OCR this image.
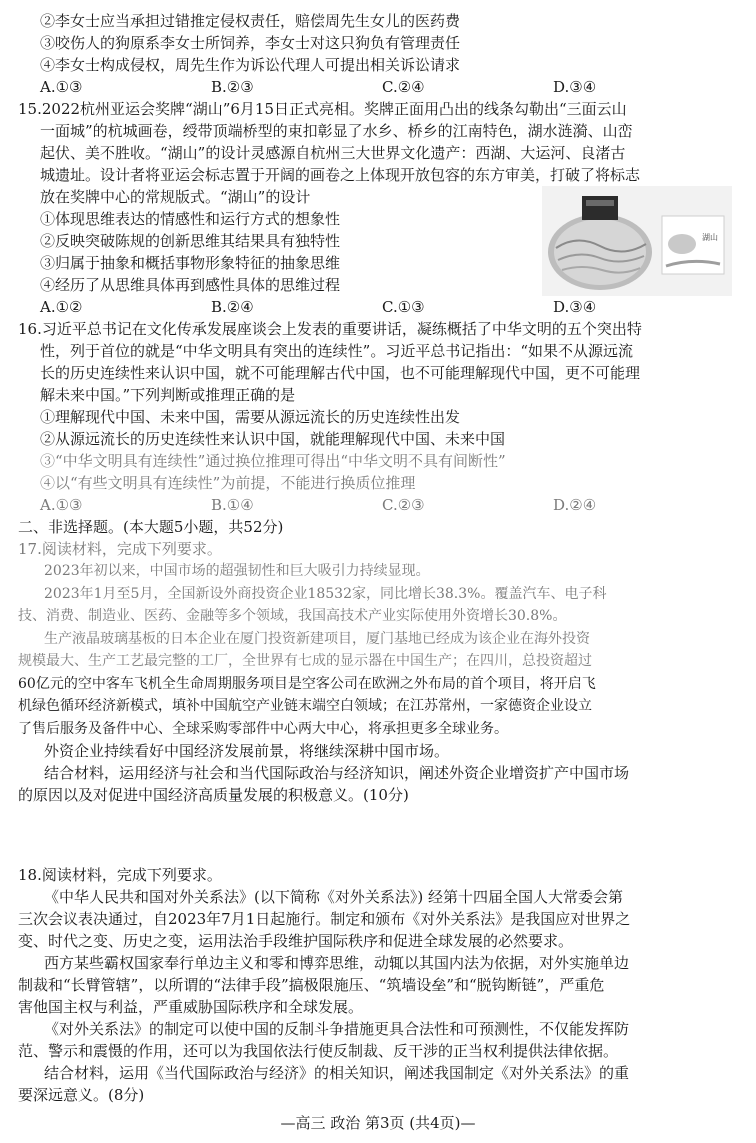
②李女士应当承担过错推定侵权责任，赔偿周先生女儿的医药费
③咬伤人的狗原系李女士所饲养，李女士对这只狗负有管理责任
④李女士构成侵权，周先生作为诉讼代理人可提出相关诉讼请求
A.①③	B.②③	C.②④	D.③④
15.2022杭州亚运会奖牌“湖山”6月15日正式亮相。奖牌正面用凸出的线条勾勒出“三面云山
一面城”的杭城画卷，绶带顶端桥型的束扣彰显了水乡、桥乡的江南特色，湖水涟漪、山峦
起伏、美不胜收。“湖山”的设计灵感源自杭州三大世界文化遗产：西湖、大运河、良渚古
城遗址。设计者将亚运会标志置于开阔的画卷之上体现开放包容的东方审美，打破了将标志
放在奖牌中心的常规版式。“湖山”的设计
①体现思维表达的情感性和运行方式的想象性
②反映突破陈规的创新思维其结果具有独特性
③归属于抽象和概括事物形象特征的抽象思维
④经历了从思维具体再到感性具体的思维过程
湖山
A.①②	B.②④	C.①③	D.③④
16.习近平总书记在文化传承发展座谈会上发表的重要讲话，凝练概括了中华文明的五个突出特
性，列于首位的就是“中华文明具有突出的连续性”。习近平总书记指出：“如果不从源远流
长的历史连续性来认识中国，就不可能理解古代中国，也不可能理解现代中国，更不可能理
解未来中国。”下列判断或推理正确的是
①理解现代中国、未来中国，需要从源远流长的历史连续性出发
②从源远流长的历史连续性来认识中国，就能理解现代中国、未来中国
③“中华文明具有连续性”通过换位推理可得出“中华文明不具有间断性”
④以“有些文明具有连续性”为前提，不能进行换质位推理
A.①③	B.①④	C.②③	D.②④
二、非选择题。(本大题5小题，共52分)
17.阅读材料，完成下列要求。
2023年初以来，中国市场的超强韧性和巨大吸引力持续显现。
2023年1月至5月，全国新设外商投资企业18532家，同比增长38.3%。覆盖汽车、电子科
技、消费、制造业、医药、金融等多个领域，我国高技术产业实际使用外资增长30.8%。
生产液晶玻璃基板的日本企业在厦门投资新建项目，厦门基地已经成为该企业在海外投资
规模最大、生产工艺最完整的工厂，全世界有七成的显示器在中国生产；在四川，总投资超过
60亿元的空中客车飞机全生命周期服务项目是空客公司在欧洲之外布局的首个项目，将开启飞
机绿色循环经济新模式，填补中国航空产业链末端空白领域；在江苏常州，一家德资企业设立
了售后服务及备件中心、全球采购零部件中心两大中心，将承担更多全球业务。
外资企业持续看好中国经济发展前景，将继续深耕中国市场。
结合材料，运用经济与社会和当代国际政治与经济知识，阐述外资企业增资扩产中国市场
的原因以及对促进中国经济高质量发展的积极意义。(10分)
18.阅读材料，完成下列要求。
《中华人民共和国对外关系法》(以下简称《对外关系法》) 经第十四届全国人大常委会第
三次会议表决通过，自2023年7月1日起施行。制定和颁布《对外关系法》是我国应对世界之
变、时代之变、历史之变，运用法治手段维护国际秩序和促进全球发展的必然要求。
西方某些霸权国家奉行单边主义和零和博弈思维，动辄以其国内法为依据，对外实施单边
制裁和“长臂管辖”，以所谓的“法律手段”搞极限施压、“筑墙设垒”和“脱钩断链”，严重危
害他国主权与利益，严重威胁国际秩序和全球发展。
《对外关系法》的制定可以使中国的反制斗争措施更具合法性和可预测性，不仅能发挥防
范、警示和震慑的作用，还可以为我国依法行使反制裁、反干涉的正当权利提供法律依据。
结合材料，运用《当代国际政治与经济》的相关知识，阐述我国制定《对外关系法》的重
要深远意义。(8分)
—高三 政治 第3页 (共4页)—
